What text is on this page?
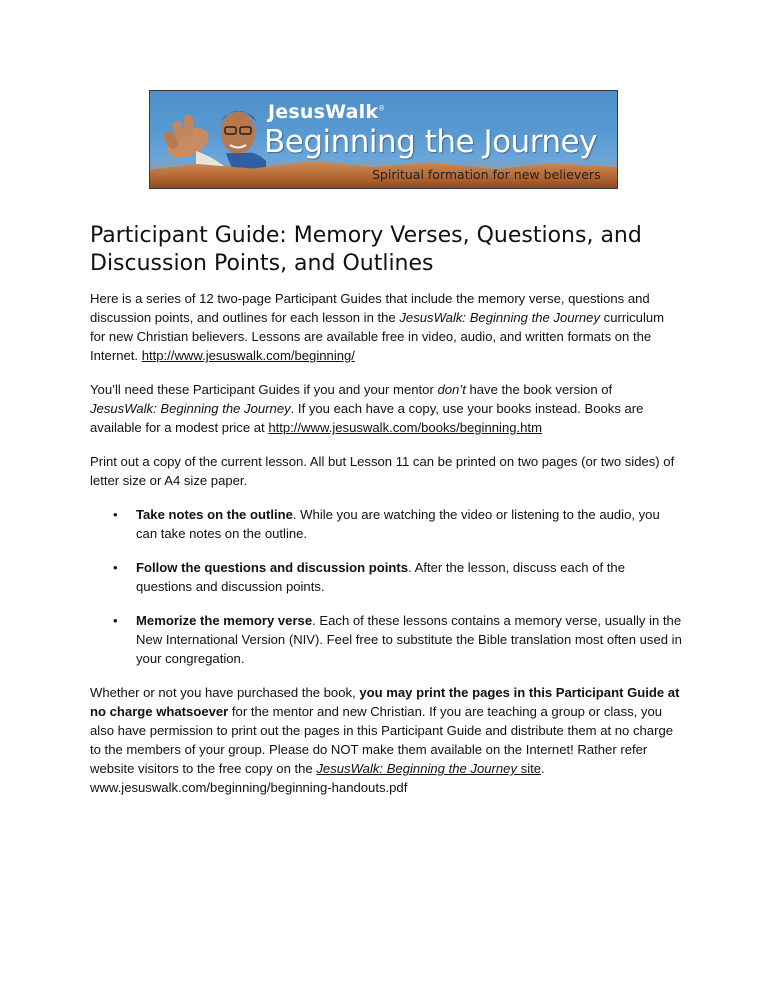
JesusWalk®
Beginning the Journey
Spiritual formation for new believers
Participant Guide: Memory Verses, Questions, and Discussion Points, and Outlines

Here is a series of 12 two-page Participant Guides that include the memory verse, questions and discussion points, and outlines for each lesson in the JesusWalk: Beginning the Journey curriculum for new Christian believers. Lessons are available free in video, audio, and written formats on the Internet. http://www.jesuswalk.com/beginning/

You’ll need these Participant Guides if you and your mentor don’t have the book version of JesusWalk: Beginning the Journey. If you each have a copy, use your books instead. Books are available for a modest price at http://www.jesuswalk.com/books/beginning.htm

Print out a copy of the current lesson. All but Lesson 11 can be printed on two pages (or two sides) of letter size or A4 size paper.

• Take notes on the outline. While you are watching the video or listening to the audio, you can take notes on the outline.
• Follow the questions and discussion points. After the lesson, discuss each of the questions and discussion points.
• Memorize the memory verse. Each of these lessons contains a memory verse, usually in the New International Version (NIV). Feel free to substitute the Bible translation most often used in your congregation.

Whether or not you have purchased the book, you may print the pages in this Participant Guide at no charge whatsoever for the mentor and new Christian. If you are teaching a group or class, you also have permission to print out the pages in this Participant Guide and distribute them at no charge to the members of your group. Please do NOT make them available on the Internet! Rather refer website visitors to the free copy on the JesusWalk: Beginning the Journey site. www.jesuswalk.com/beginning/beginning-handouts.pdf
